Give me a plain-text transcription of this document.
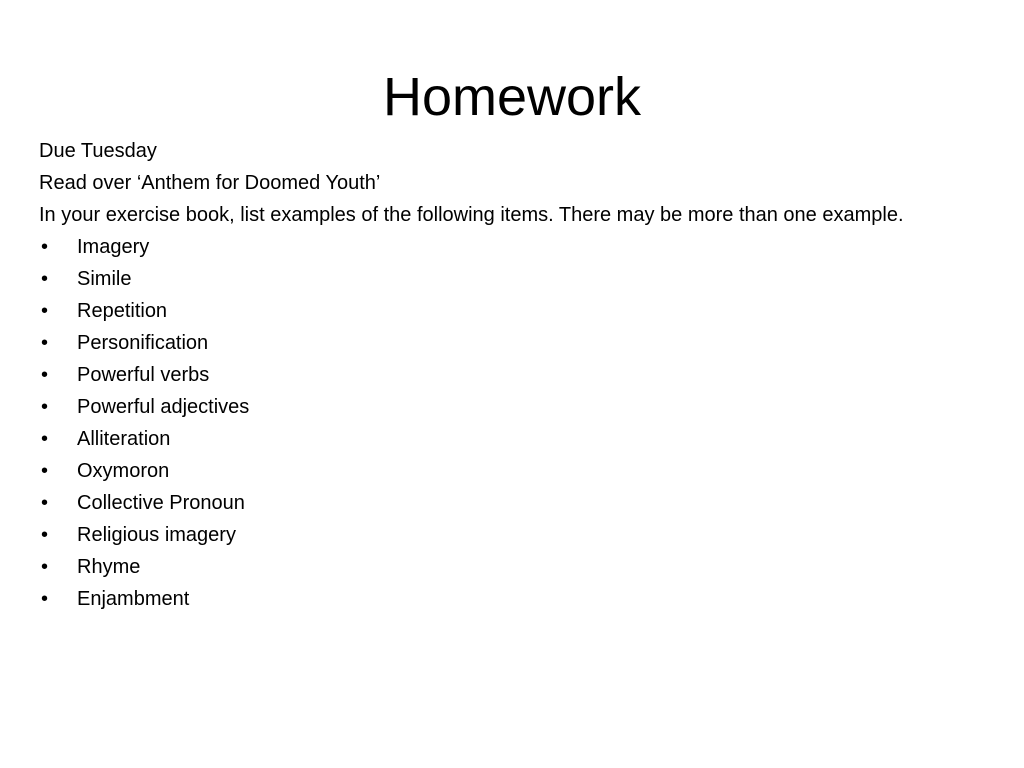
Homework

Due Tuesday

Read over ‘Anthem for Doomed Youth’

In your exercise book, list examples of the following items. There may be more than one example.

• Imagery
• Simile
• Repetition
• Personification
• Powerful verbs
• Powerful adjectives
• Alliteration
• Oxymoron
• Collective Pronoun
• Religious imagery
• Rhyme
• Enjambment
